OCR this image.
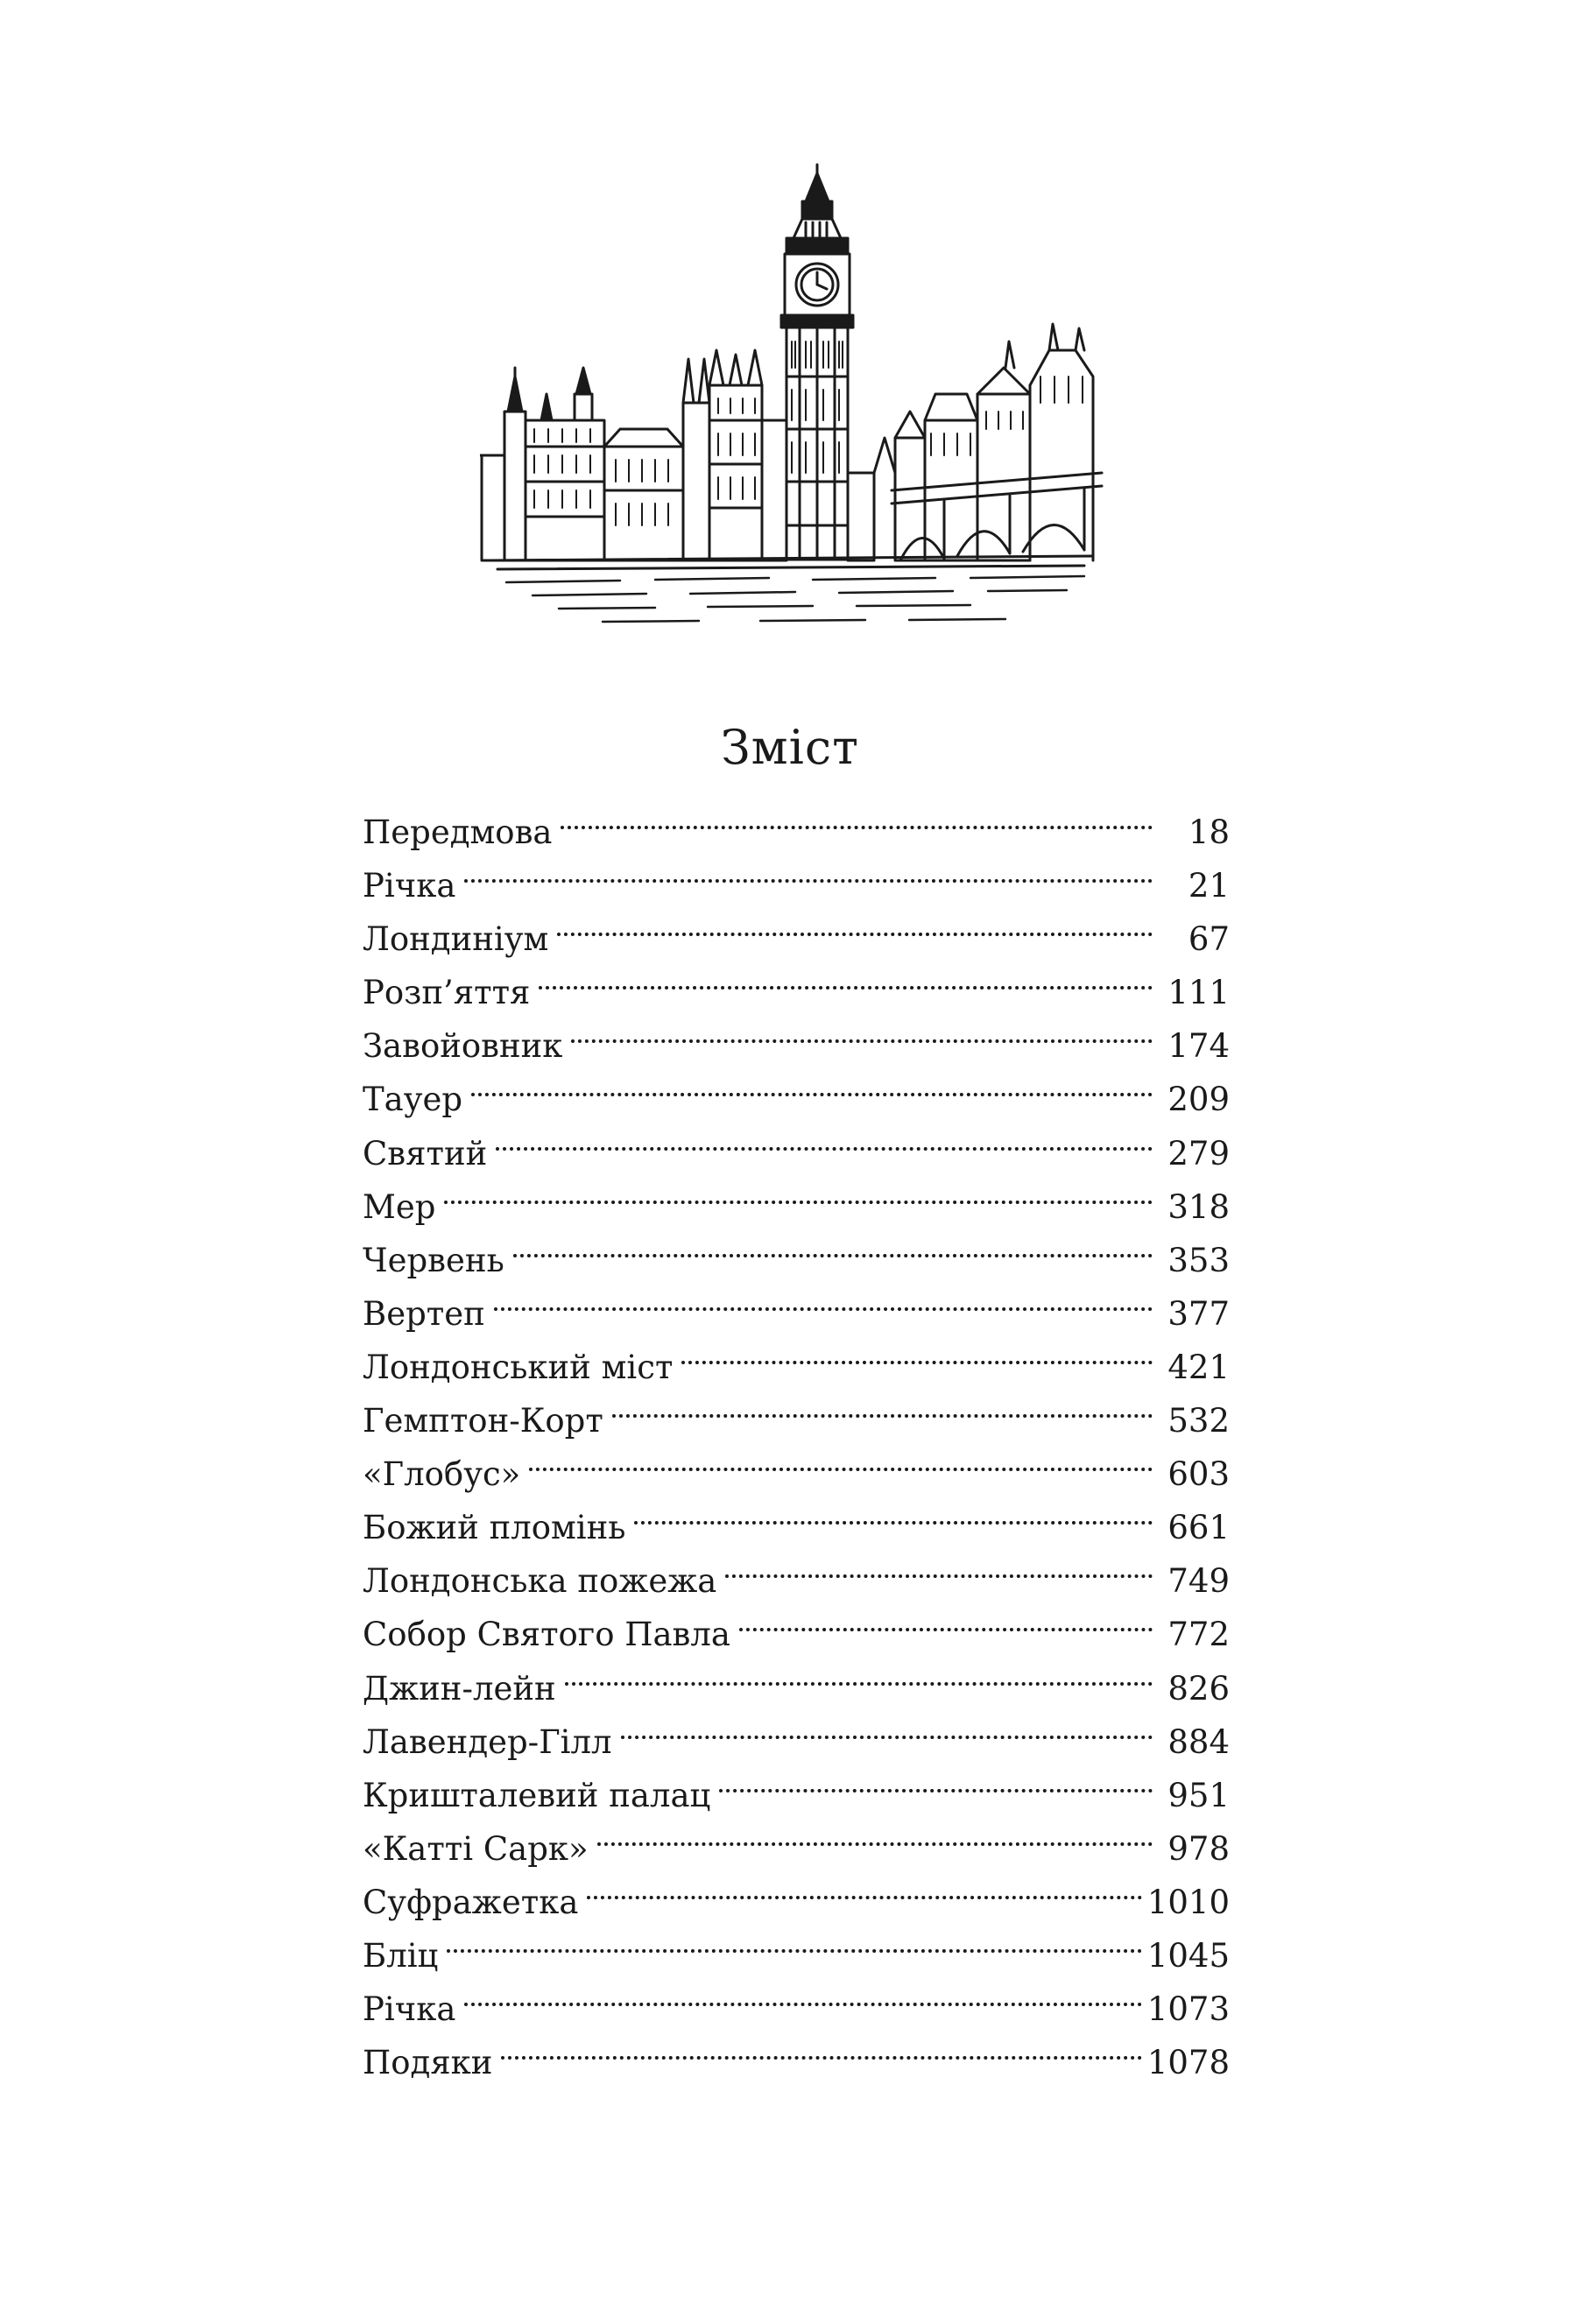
Зміст
Передмова	18
Річка	21
Лондиніум	67
Розп’яття	111
Завойовник	174
Тауер	209
Святий	279
Мер	318
Червень	353
Вертеп	377
Лондонський міст	421
Гемптон-Корт	532
«Глобус»	603
Божий пломінь	661
Лондонська пожежа	749
Собор Святого Павла	772
Джин-лейн	826
Лавендер-Гілл	884
Кришталевий палац	951
«Катті Сарк»	978
Суфражетка	1010
Бліц	1045
Річка	1073
Подяки	1078
